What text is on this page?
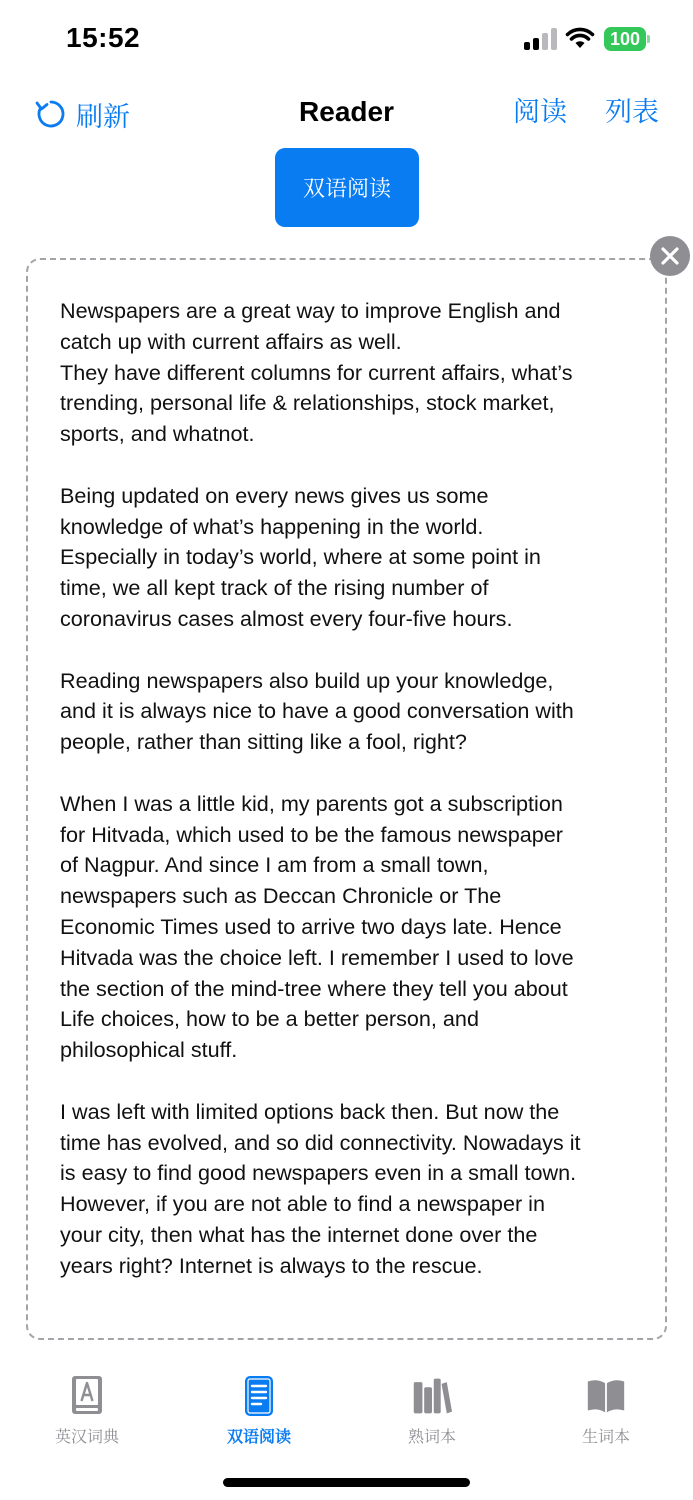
15:52	100
刷新	Reader	阅读 列表
双语阅读
Newspapers are a great way to improve English and
catch up with current affairs as well.
They have different columns for current affairs, what’s
trending, personal life & relationships, stock market,
sports, and whatnot.
Being updated on every news gives us some
knowledge of what’s happening in the world.
Especially in today’s world, where at some point in
time, we all kept track of the rising number of
coronavirus cases almost every four-five hours.
Reading newspapers also build up your knowledge,
and it is always nice to have a good conversation with
people, rather than sitting like a fool, right?
When I was a little kid, my parents got a subscription
for Hitvada, which used to be the famous newspaper
of Nagpur. And since I am from a small town,
newspapers such as Deccan Chronicle or The
Economic Times used to arrive two days late. Hence
Hitvada was the choice left. I remember I used to love
the section of the mind-tree where they tell you about
Life choices, how to be a better person, and
philosophical stuff.
I was left with limited options back then. But now the
time has evolved, and so did connectivity. Nowadays it
is easy to find good newspapers even in a small town.
However, if you are not able to find a newspaper in
your city, then what has the internet done over the
years right? Internet is always to the rescue.
英汉词典	双语阅读	熟词本	生词本
